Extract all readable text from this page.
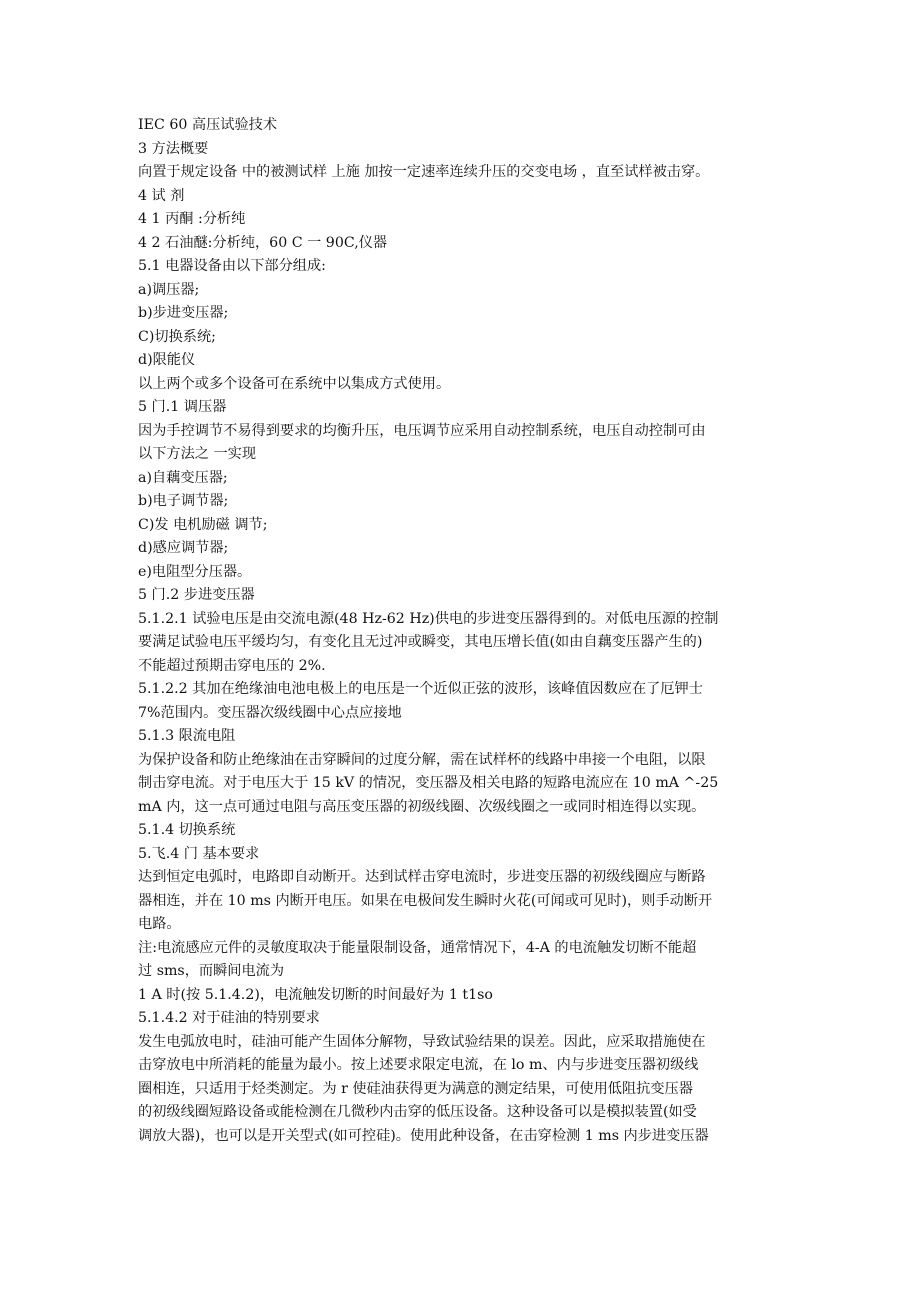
IEC 60 高压试验技术
3 方法概要
向置于规定设备 中的被测试样 上施 加按一定速率连续升压的交变电场 ，直至试样被击穿。
4 试 剂
4 1 丙酮 :分析纯
4 2 石油醚:分析纯，60 C 一 90C,仪器
5.1 电器设备由以下部分组成:
a)调压器;
b)步进变压器;
C)切换系统;
d)限能仪
以上两个或多个设备可在系统中以集成方式使用。
5 门.1 调压器
因为手控调节不易得到要求的均衡升压，电压调节应采用自动控制系统，电压自动控制可由
以下方法之 一实现
a)自藕变压器;
b)电子调节器;
C)发 电机励磁 调节;
d)感应调节器;
e)电阻型分压器。
5 门.2 步进变压器
5.1.2.1 试验电压是由交流电源(48 Hz-62 Hz)供电的步进变压器得到的。对低电压源的控制
要满足试验电压平缓均匀，有变化且无过冲或瞬变，其电压增长值(如由自藕变压器产生的)
不能超过预期击穿电压的 2%.
5.1.2.2 其加在绝缘油电池电极上的电压是一个近似正弦的波形，该峰值因数应在了厄钾士
7%范围内。变压器次级线圈中心点应接地
5.1.3 限流电阻
为保护设备和防止绝缘油在击穿瞬间的过度分解，需在试样杯的线路中串接一个电阻，以限
制击穿电流。对于电压大于 15 kV 的情况，变压器及相关电路的短路电流应在 10 mA ^-25
mA 内，这一点可通过电阻与高压变压器的初级线圈、次级线圈之一或同时相连得以实现。
5.1.4 切换系统
5.飞.4 门 基本要求
达到恒定电弧时，电路即自动断开。达到试样击穿电流时，步进变压器的初级线圈应与断路
器相连，并在 10 ms 内断开电压。如果在电极间发生瞬时火花(可闻或可见时)，则手动断开
电路。
注:电流感应元件的灵敏度取决于能量限制设备，通常情况下，4-A 的电流触发切断不能超
过 sms，而瞬间电流为
1 A 时(按 5.1.4.2)，电流触发切断的时间最好为 1 t1so
5.1.4.2 对于硅油的特别要求
发生电弧放电时，硅油可能产生固体分解物，导致试验结果的误差。因此，应采取措施使在
击穿放电中所消耗的能量为最小。按上述要求限定电流，在 lo m、内与步进变压器初级线
圈相连，只适用于烃类测定。为 r 使硅油获得更为满意的测定结果，可使用低阻抗变压器
的初级线圈短路设备或能检测在几微秒内击穿的低压设备。这种设备可以是模拟装置(如受
调放大器)，也可以是开关型式(如可控硅)。使用此种设备，在击穿检测 1 ms 内步进变压器
